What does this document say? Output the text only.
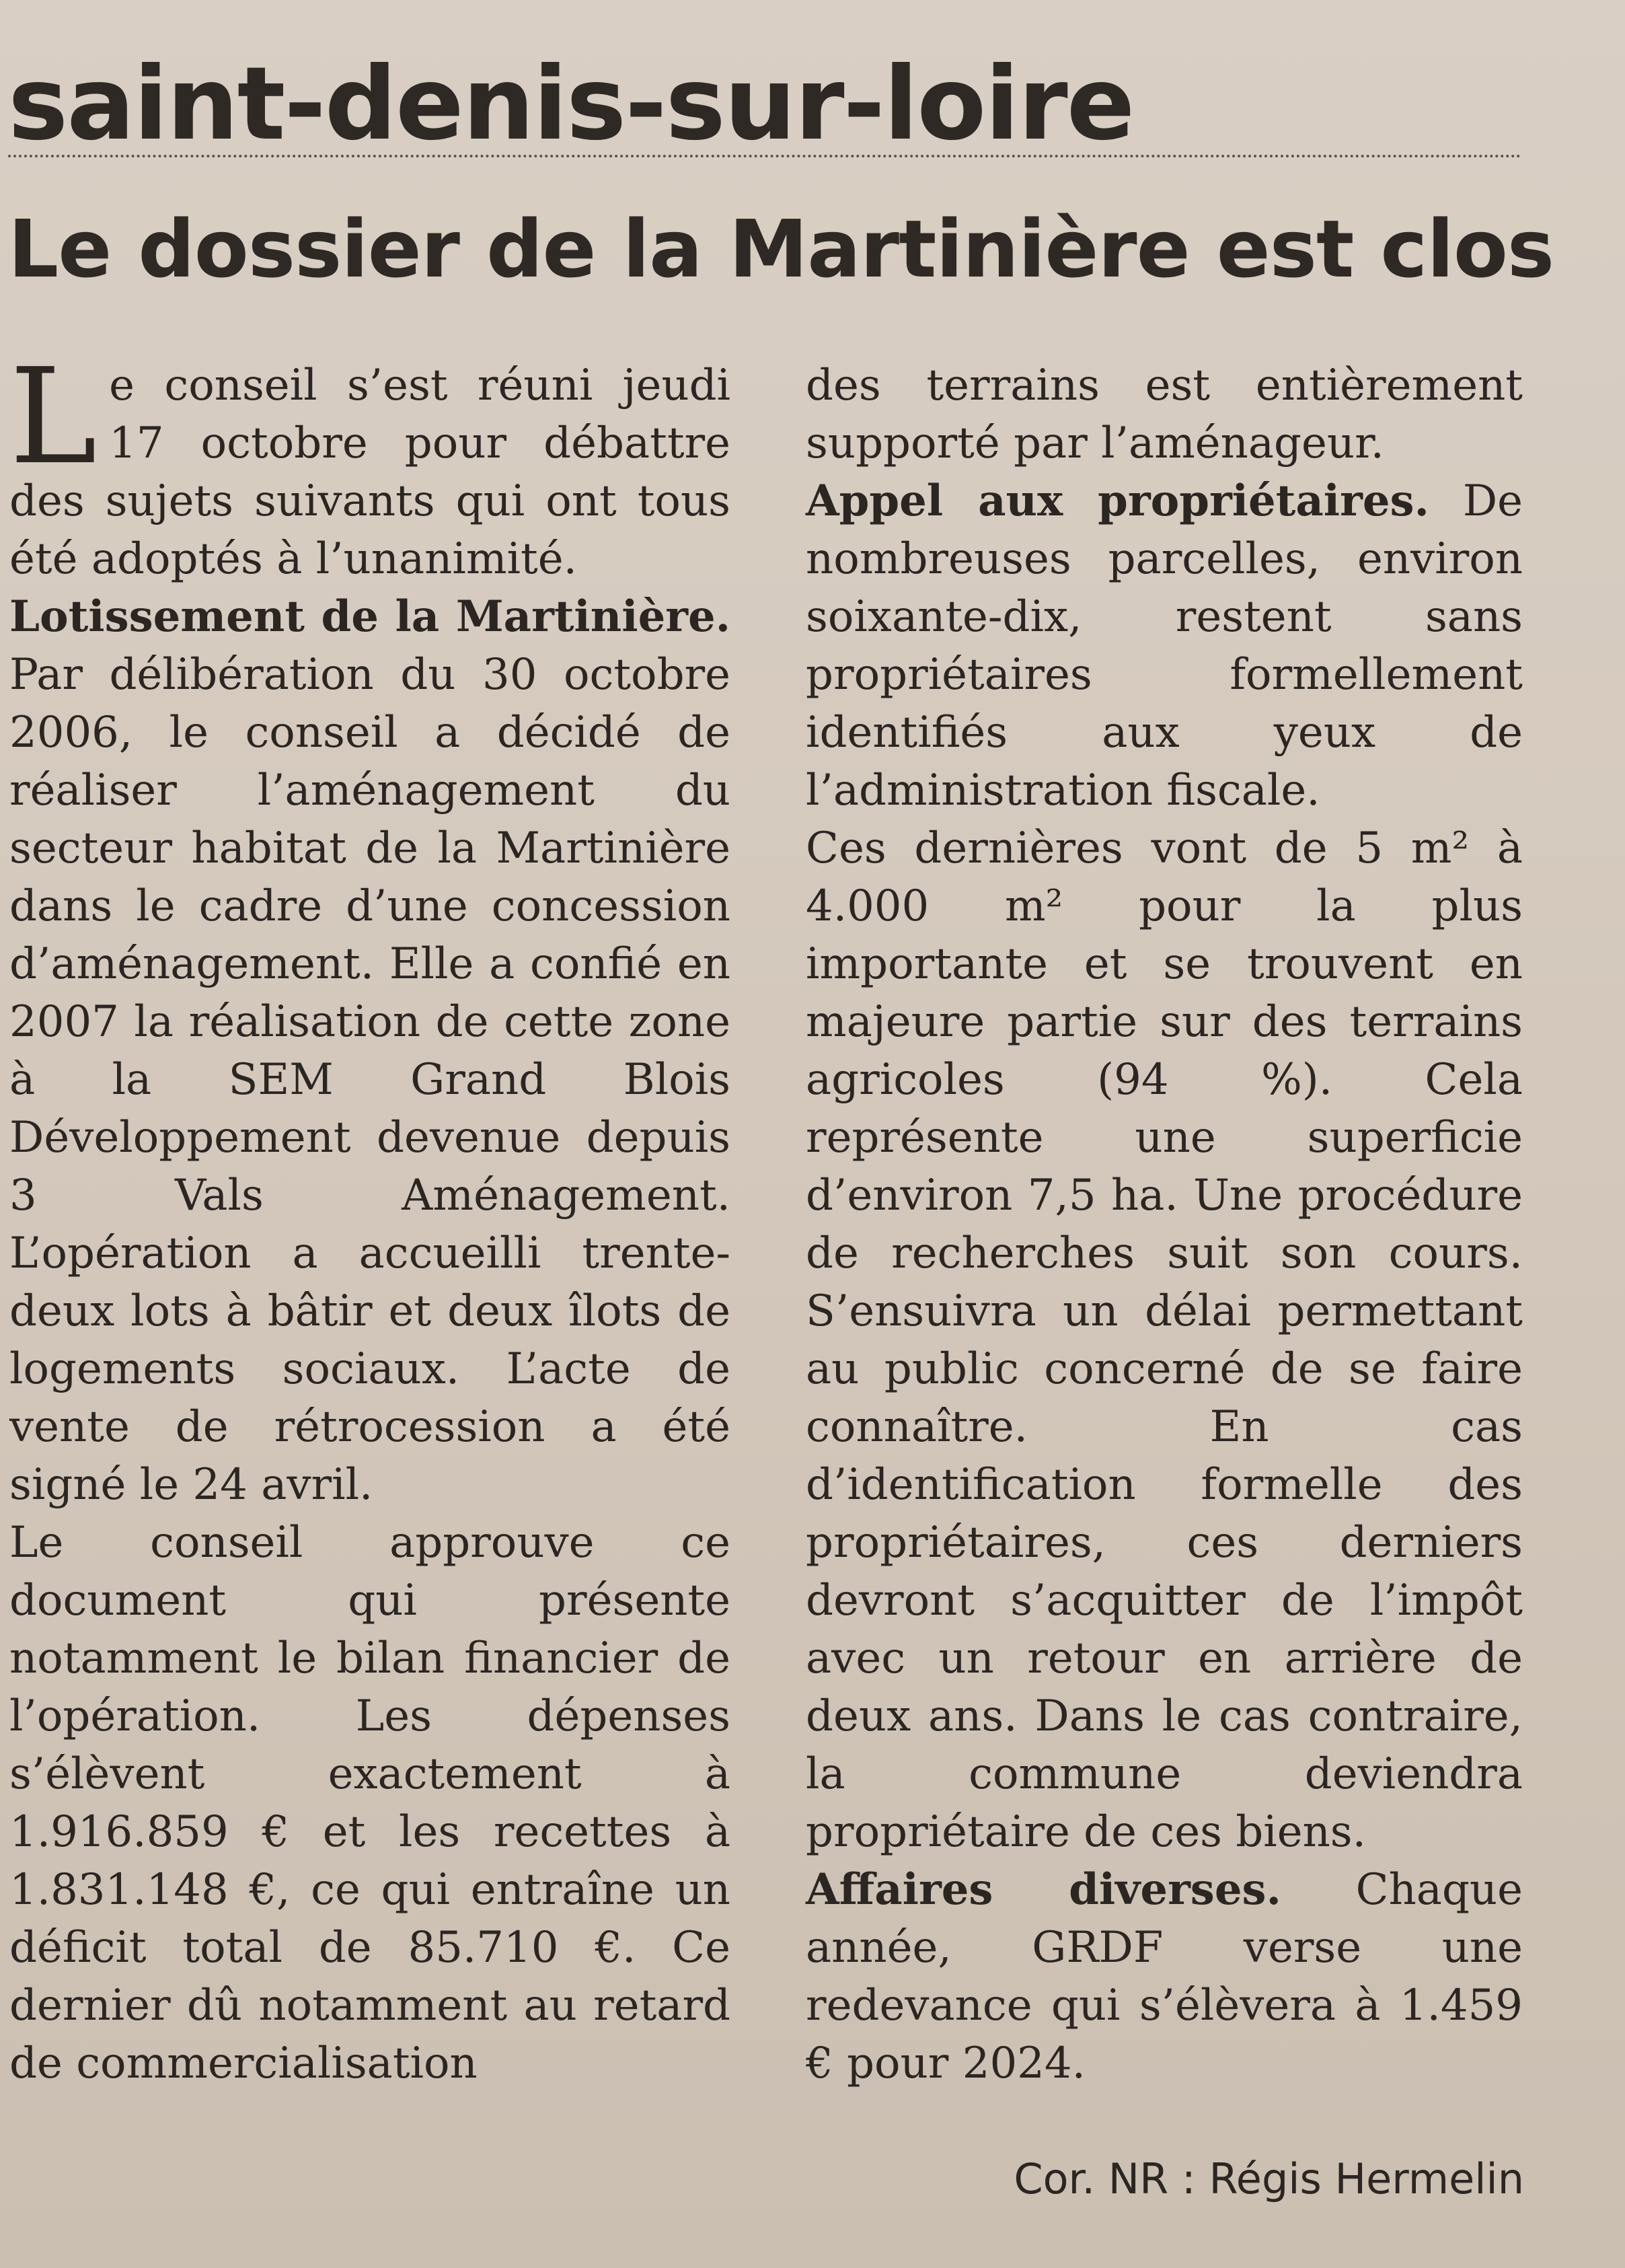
saint-denis-sur-loire
Le dossier de la Martinière est clos

Le conseil s’est réuni jeudi 17 octobre pour débattre des sujets suivants qui ont tous été adoptés à l’unanimité.

Lotissement de la Martinière. Par délibération du 30 octobre 2006, le conseil a décidé de réaliser l’aménagement du secteur habitat de la Martinière dans le cadre d’une concession d’aménagement. Elle a confié en 2007 la réalisation de cette zone à la SEM Grand Blois Développement devenue depuis 3 Vals Aménagement. L’opération a accueilli trente-deux lots à bâtir et deux îlots de logements sociaux. L’acte de vente de rétrocession a été signé le 24 avril.

Le conseil approuve ce document qui présente notamment le bilan financier de l’opération. Les dépenses s’élèvent exactement à 1.916.859 € et les recettes à 1.831.148 €, ce qui entraîne un déficit total de 85.710 €. Ce dernier dû notamment au retard de commercialisation

des terrains est entièrement supporté par l’aménageur.

Appel aux propriétaires. De nombreuses parcelles, environ soixante-dix, restent sans propriétaires formellement identifiés aux yeux de l’administration fiscale.

Ces dernières vont de 5 m² à 4.000 m² pour la plus importante et se trouvent en majeure partie sur des terrains agricoles (94 %). Cela représente une superficie d’environ 7,5 ha. Une procédure de recherches suit son cours. S’ensuivra un délai permettant au public concerné de se faire connaître. En cas d’identification formelle des propriétaires, ces derniers devront s’acquitter de l’impôt avec un retour en arrière de deux ans. Dans le cas contraire, la commune deviendra propriétaire de ces biens.

Affaires diverses. Chaque année, GRDF verse une redevance qui s’élèvera à 1.459 € pour 2024.

Cor. NR : Régis Hermelin
